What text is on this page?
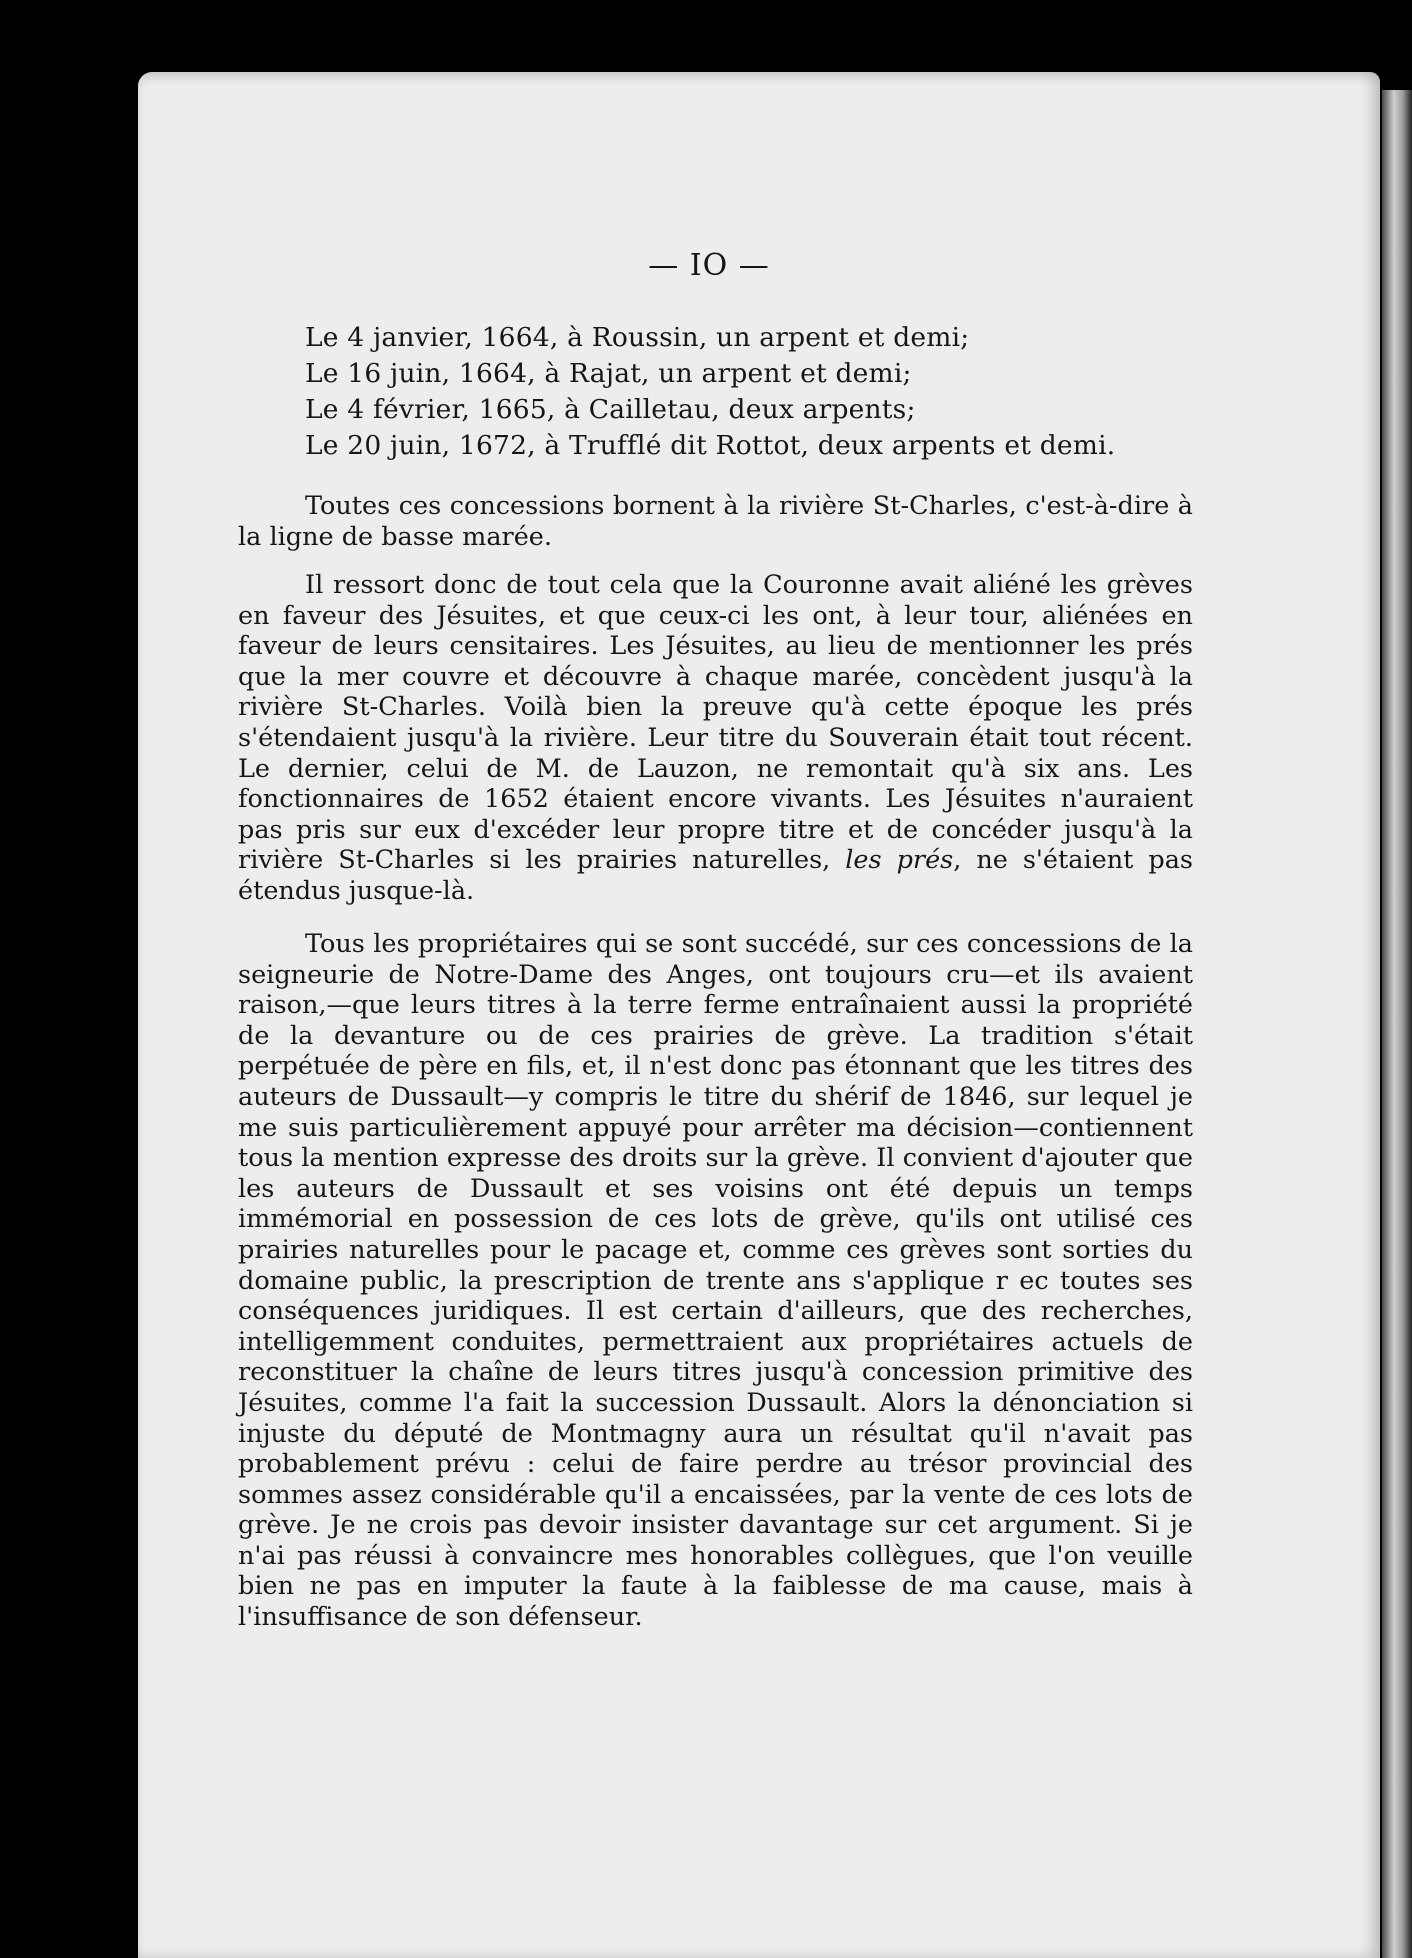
— IO —
Le 4 janvier, 1664, à Roussin, un arpent et demi;
Le 16 juin, 1664, à Rajat, un arpent et demi;
Le 4 février, 1665, à Cailletau, deux arpents;
Le 20 juin, 1672, à Trufflé dit Rottot, deux arpents et demi.

Toutes ces concessions bornent à la rivière St-Charles, c'est-à-dire à la ligne de basse marée.

Il ressort donc de tout cela que la Couronne avait aliéné les grèves en faveur des Jésuites, et que ceux-ci les ont, à leur tour, aliénées en faveur de leurs censitaires. Les Jésuites, au lieu de mentionner les prés que la mer couvre et découvre à chaque marée, concèdent jusqu'à la rivière St-Charles. Voilà bien la preuve qu'à cette époque les prés s'étendaient jusqu'à la rivière. Leur titre du Souverain était tout récent. Le dernier, celui de M. de Lauzon, ne remontait qu'à six ans. Les fonctionnaires de 1652 étaient encore vivants. Les Jésuites n'auraient pas pris sur eux d'excéder leur propre titre et de concéder jusqu'à la rivière St-Charles si les prairies naturelles, les prés, ne s'étaient pas étendus jusque-là.

Tous les propriétaires qui se sont succédé, sur ces concessions de la seigneurie de Notre-Dame des Anges, ont toujours cru—et ils avaient raison,—que leurs titres à la terre ferme entraînaient aussi la propriété de la devanture ou de ces prairies de grève. La tradition s'était perpétuée de père en fils, et, il n'est donc pas étonnant que les titres des auteurs de Dussault—y compris le titre du shérif de 1846, sur lequel je me suis particulièrement appuyé pour arrêter ma décision—contiennent tous la mention expresse des droits sur la grève. Il convient d'ajouter que les auteurs de Dussault et ses voisins ont été depuis un temps immémorial en possession de ces lots de grève, qu'ils ont utilisé ces prairies naturelles pour le pacage et, comme ces grèves sont sorties du domaine public, la prescription de trente ans s'applique r ec toutes ses conséquences juridiques. Il est certain d'ailleurs, que des recherches, intelligemment conduites, permettraient aux propriétaires actuels de reconstituer la chaîne de leurs titres jusqu'à concession primitive des Jésuites, comme l'a fait la succession Dussault. Alors la dénonciation si injuste du député de Montmagny aura un résultat qu'il n'avait pas probablement prévu : celui de faire perdre au trésor provincial des sommes assez considérable qu'il a encaissées, par la vente de ces lots de grève. Je ne crois pas devoir insister davantage sur cet argument. Si je n'ai pas réussi à convaincre mes honorables collègues, que l'on veuille bien ne pas en imputer la faute à la faiblesse de ma cause, mais à l'insuffisance de son défenseur.
